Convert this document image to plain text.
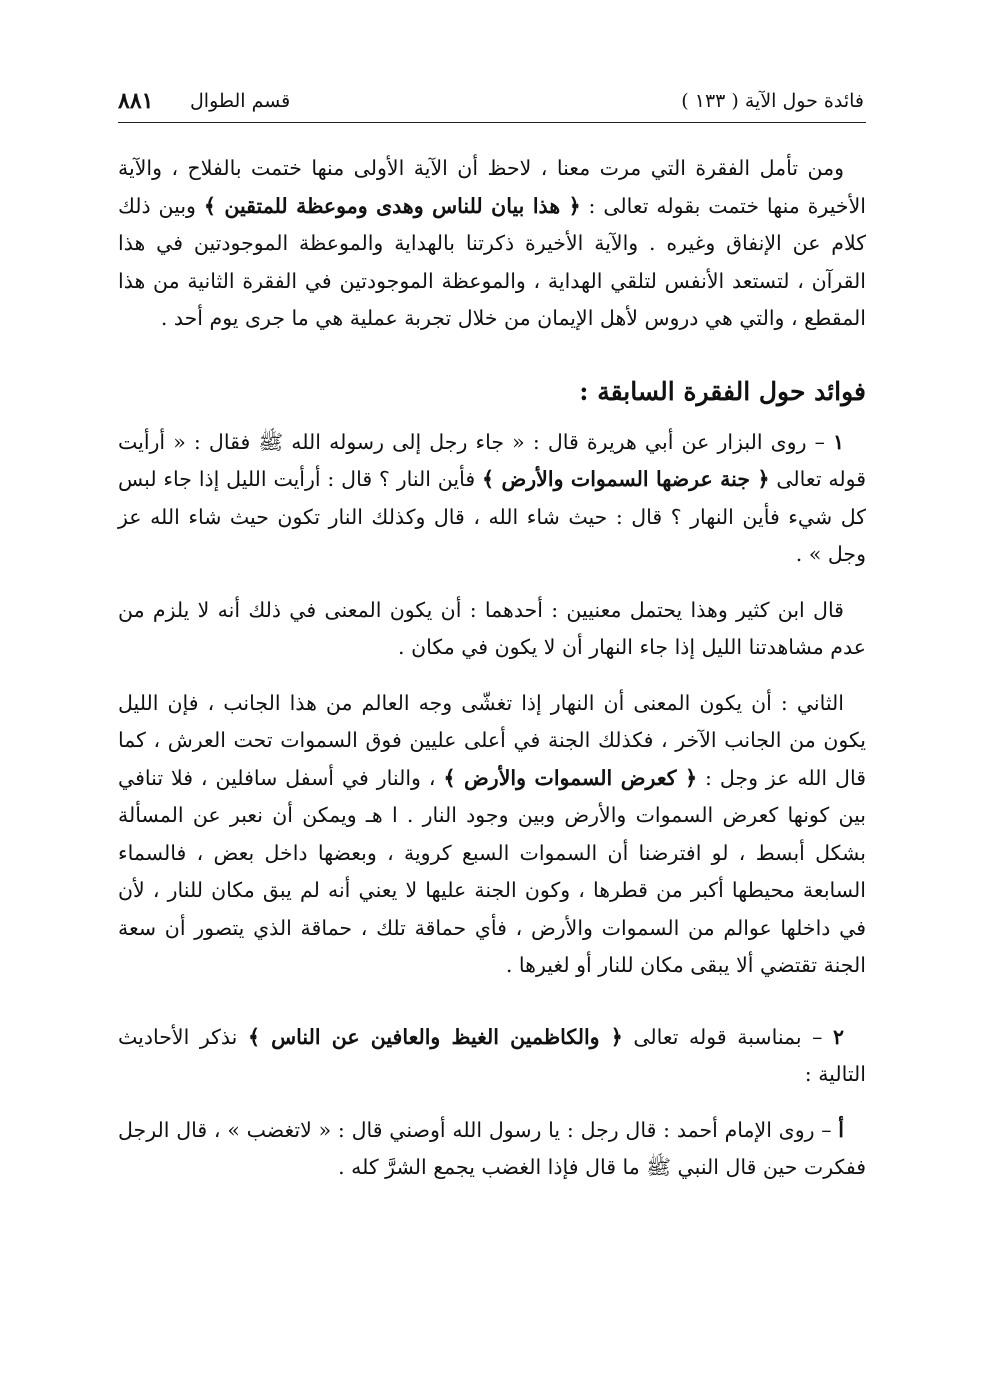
فائدة حول الآية ( ١٣٣ )
قسم الطوال
٨٨١

ومن تأمل الفقرة التي مرت معنا ، لاحظ أن الآية الأولى منها ختمت بالفلاح ، والآية الأخيرة منها ختمت بقوله تعالى : ﴿ هذا بيان للناس وهدى وموعظة للمتقين ﴾ وبين ذلك كلام عن الإنفاق وغيره . والآية الأخيرة ذكرتنا بالهداية والموعظة الموجودتين في هذا القرآن ، لتستعد الأنفس لتلقي الهداية ، والموعظة الموجودتين في الفقرة الثانية من هذا المقطع ، والتي هي دروس لأهل الإيمان من خلال تجربة عملية هي ما جرى يوم أحد .

فوائد حول الفقرة السابقة :

١ – روى البزار عن أبي هريرة قال : « جاء رجل إلى رسوله الله ﷺ فقال : « أرأيت قوله تعالى ﴿ جنة عرضها السموات والأرض ﴾ فأين النار ؟ قال : أرأيت الليل إذا جاء لبس كل شيء فأين النهار ؟ قال : حيث شاء الله ، قال وكذلك النار تكون حيث شاء الله عز وجل » .

قال ابن كثير وهذا يحتمل معنيين : أحدهما : أن يكون المعنى في ذلك أنه لا يلزم من عدم مشاهدتنا الليل إذا جاء النهار أن لا يكون في مكان .

الثاني : أن يكون المعنى أن النهار إذا تغشّى وجه العالم من هذا الجانب ، فإن الليل يكون من الجانب الآخر ، فكذلك الجنة في أعلى عليين فوق السموات تحت العرش ، كما قال الله عز وجل : ﴿ كعرض السموات والأرض ﴾ ، والنار في أسفل سافلين ، فلا تنافي بين كونها كعرض السموات والأرض وبين وجود النار . ا هـ ويمكن أن نعبر عن المسألة بشكل أبسط ، لو افترضنا أن السموات السبع كروية ، وبعضها داخل بعض ، فالسماء السابعة محيطها أكبر من قطرها ، وكون الجنة عليها لا يعني أنه لم يبق مكان للنار ، لأن في داخلها عوالم من السموات والأرض ، فأي حماقة تلك ، حماقة الذي يتصور أن سعة الجنة تقتضي ألا يبقى مكان للنار أو لغيرها .

٢ – بمناسبة قوله تعالى ﴿ والكاظمين الغيظ والعافين عن الناس ﴾ نذكر الأحاديث التالية :

أ – روى الإمام أحمد : قال رجل : يا رسول الله أوصني قال : « لاتغضب » ، قال الرجل ففكرت حين قال النبي ﷺ ما قال فإذا الغضب يجمع الشرَّ كله .
